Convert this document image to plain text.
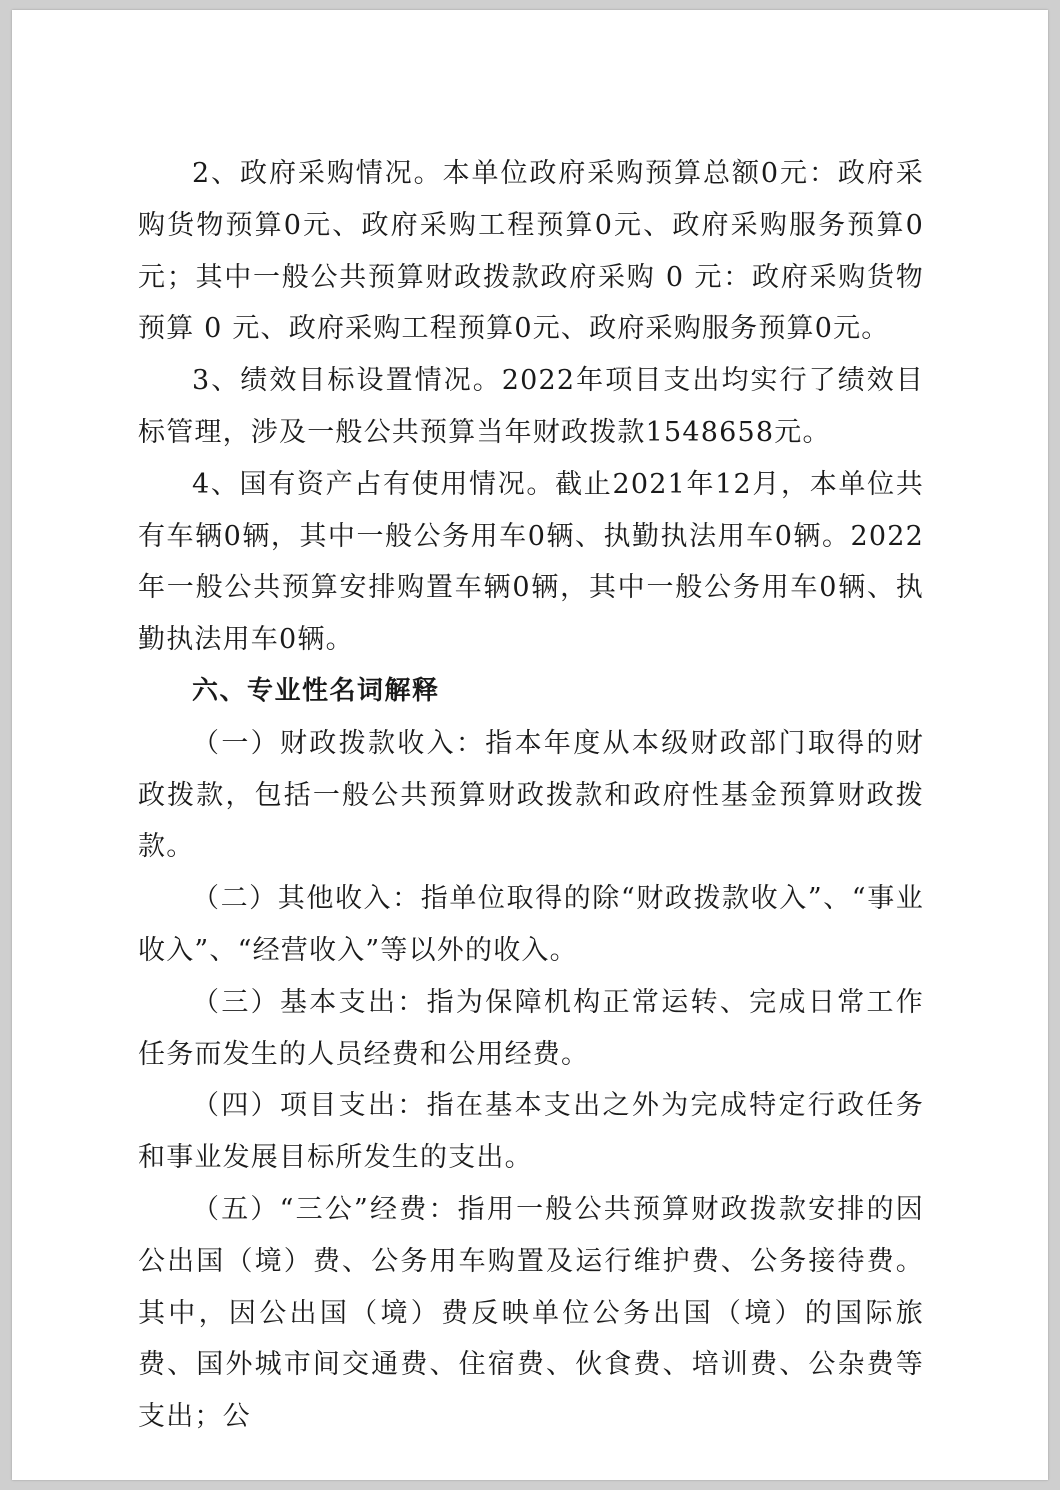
2、政府采购情况。本单位政府采购预算总额0元：政府采购货物预算0元、政府采购工程预算0元、政府采购服务预算0元；其中一般公共预算财政拨款政府采购 0 元：政府采购货物预算 0 元、政府采购工程预算0元、政府采购服务预算0元。

3、绩效目标设置情况。2022年项目支出均实行了绩效目标管理，涉及一般公共预算当年财政拨款1548658元。

4、国有资产占有使用情况。截止2021年12月，本单位共有车辆0辆，其中一般公务用车0辆、执勤执法用车0辆。2022年一般公共预算安排购置车辆0辆，其中一般公务用车0辆、执勤执法用车0辆。

六、专业性名词解释

（一）财政拨款收入：指本年度从本级财政部门取得的财政拨款，包括一般公共预算财政拨款和政府性基金预算财政拨款。

（二）其他收入：指单位取得的除“财政拨款收入”、“事业收入”、“经营收入”等以外的收入。

（三）基本支出：指为保障机构正常运转、完成日常工作任务而发生的人员经费和公用经费。

（四）项目支出：指在基本支出之外为完成特定行政任务和事业发展目标所发生的支出。

（五）“三公”经费：指用一般公共预算财政拨款安排的因公出国（境）费、公务用车购置及运行维护费、公务接待费。其中，因公出国（境）费反映单位公务出国（境）的国际旅费、国外城市间交通费、住宿费、伙食费、培训费、公杂费等支出；公
